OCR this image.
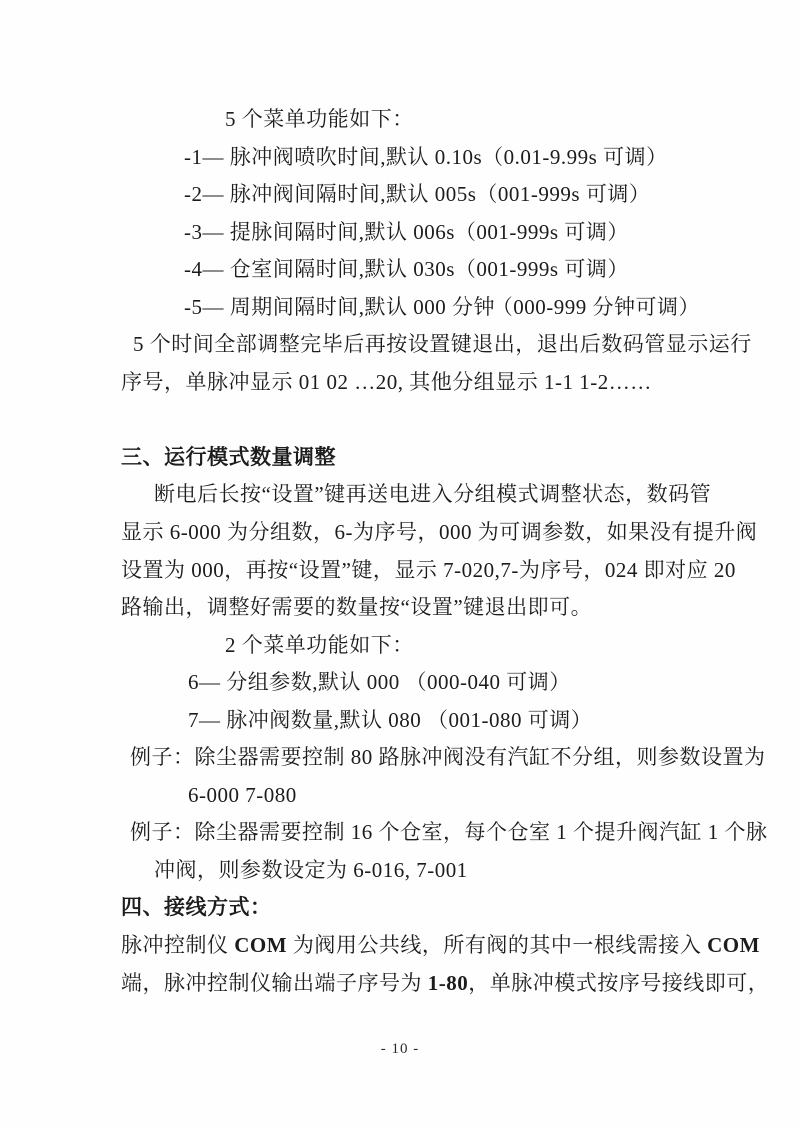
5 个菜单功能如下：
-1— 脉冲阀喷吹时间,默认 0.10s （0.01-9.99s 可调）
-2— 脉冲阀间隔时间,默认 005s （001-999s 可调）
-3— 提脉间隔时间,默认 006s （001-999s 可调）
-4— 仓室间隔时间,默认 030s （001-999s 可调）
-5— 周期间隔时间,默认 000 分钟
（000-999 分钟可调）
5 个时间全部调整完毕后再按设置键退出，退出后数码管显示运行
序号，单脉冲显示 01 02 …20, 其他分组显示 1-1 1-2……
三、运行模式数量调整
断电后长按“设置”键再送电进入分组模式调整状态，数码管
显示 6-000 为分组数，6-为序号，000 为可调参数，如果没有提升阀
设置为 000，再按“设置”键，显示 7-020,7-为序号，024 即对应 20
路输出，调整好需要的数量按“设置”键退出即可。
2 个菜单功能如下：
6— 分组参数,默认 000 （000-040 可调）
7— 脉冲阀数量,默认 080 （001-080 可调）
例子：除尘器需要控制 80 路脉冲阀没有汽缸不分组，则参数设置为
6-000 7-080
例子：除尘器需要控制 16 个仓室，每个仓室 1 个提升阀汽缸 1 个脉
冲阀，则参数设定为 6-016, 7-001
四、接线方式：
脉冲控制仪 COM 为阀用公共线，所有阀的其中一根线需接入 COM
端，脉冲控制仪输出端子序号为 1-80，单脉冲模式按序号接线即可，
- 10 -
